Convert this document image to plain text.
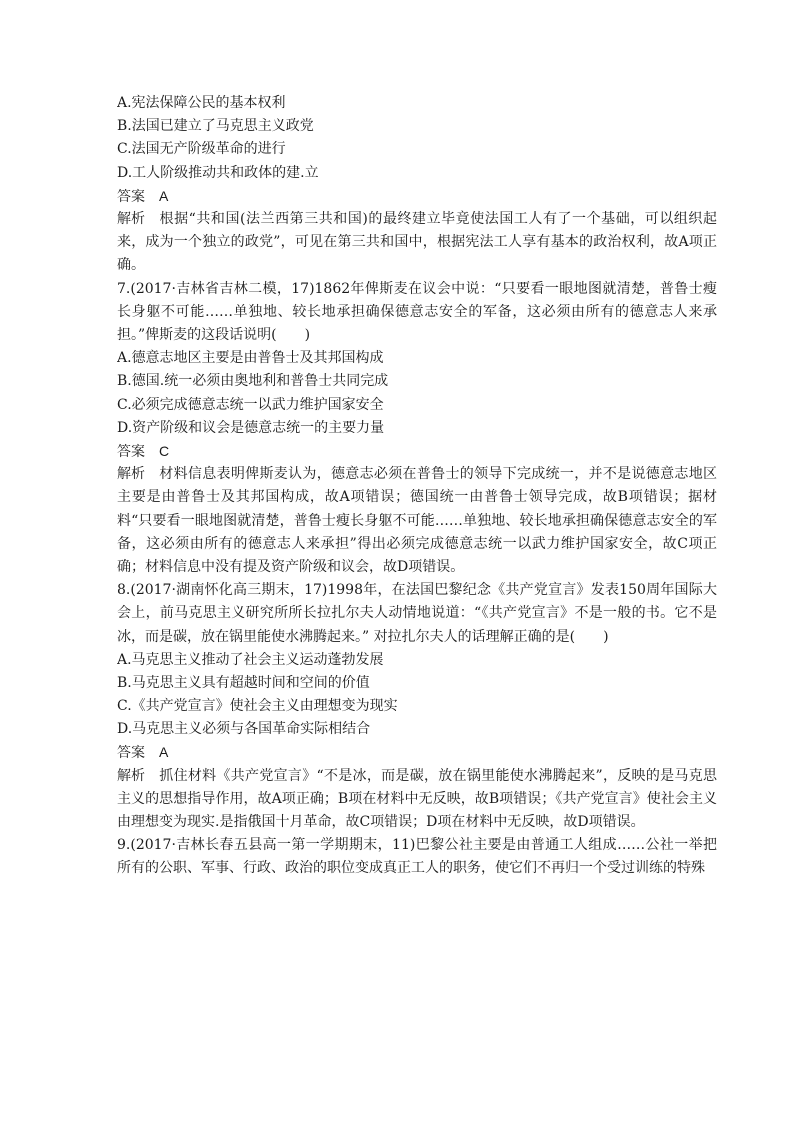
A.宪法保障公民的基本权利
B.法国已建立了马克思主义政党
C.法国无产阶级革命的进行
D.工人阶级推动共和政体的建.立
答案 A
解析 根据“共和国(法兰西第三共和国)的最终建立毕竟使法国工人有了一个基础，可以组织起来，成为一个独立的政党”，可见在第三共和国中，根据宪法工人享有基本的政治权利，故A项正确。
7.(2017·吉林省吉林二模，17)1862年俾斯麦在议会中说：“只要看一眼地图就清楚，普鲁士瘦长身躯不可能……单独地、较长地承担确保德意志安全的军备，这必须由所有的德意志人来承担。”俾斯麦的这段话说明(　　)
A.德意志地区主要是由普鲁士及其邦国构成
B.德国.统一必须由奥地利和普鲁士共同完成
C.必须完成德意志统一以武力维护国家安全
D.资产阶级和议会是德意志统一的主要力量
答案 C
解析 材料信息表明俾斯麦认为，德意志必须在普鲁士的领导下完成统一，并不是说德意志地区主要是由普鲁士及其邦国构成，故A项错误；德国统一由普鲁士领导完成，故B项错误；据材料“只要看一眼地图就清楚，普鲁士瘦长身躯不可能……单独地、较长地承担确保德意志安全的军备，这必须由所有的德意志人来承担”得出必须完成德意志统一以武力维护国家安全，故C项正确；材料信息中没有提及资产阶级和议会，故D项错误。
8.(2017·湖南怀化高三期末，17)1998年，在法国巴黎纪念《共产党宣言》发表150周年国际大会上，前马克思主义研究所所长拉扎尔夫人动情地说道：“《共产党宣言》不是一般的书。它不是冰，而是碳，放在锅里能使水沸腾起来。” 对拉扎尔夫人的话理解正确的是(　　)
A.马克思主义推动了社会主义运动蓬勃发展
B.马克思主义具有超越时间和空间的价值
C.《共产党宣言》使社会主义由理想变为现实
D.马克思主义必须与各国革命实际相结合
答案 A
解析 抓住材料《共产党宣言》“不是冰，而是碳，放在锅里能使水沸腾起来”，反映的是马克思主义的思想指导作用，故A项正确；B项在材料中无反映，故B项错误；《共产党宣言》使社会主义由理想变为现实.是指俄国十月革命，故C项错误；D项在材料中无反映，故D项错误。
9.(2017·吉林长春五县高一第一学期期末，11)巴黎公社主要是由普通工人组成……公社一举把所有的公职、军事、行政、政治的职位变成真正工人的职务，使它们不再归一个受过训练的特殊
